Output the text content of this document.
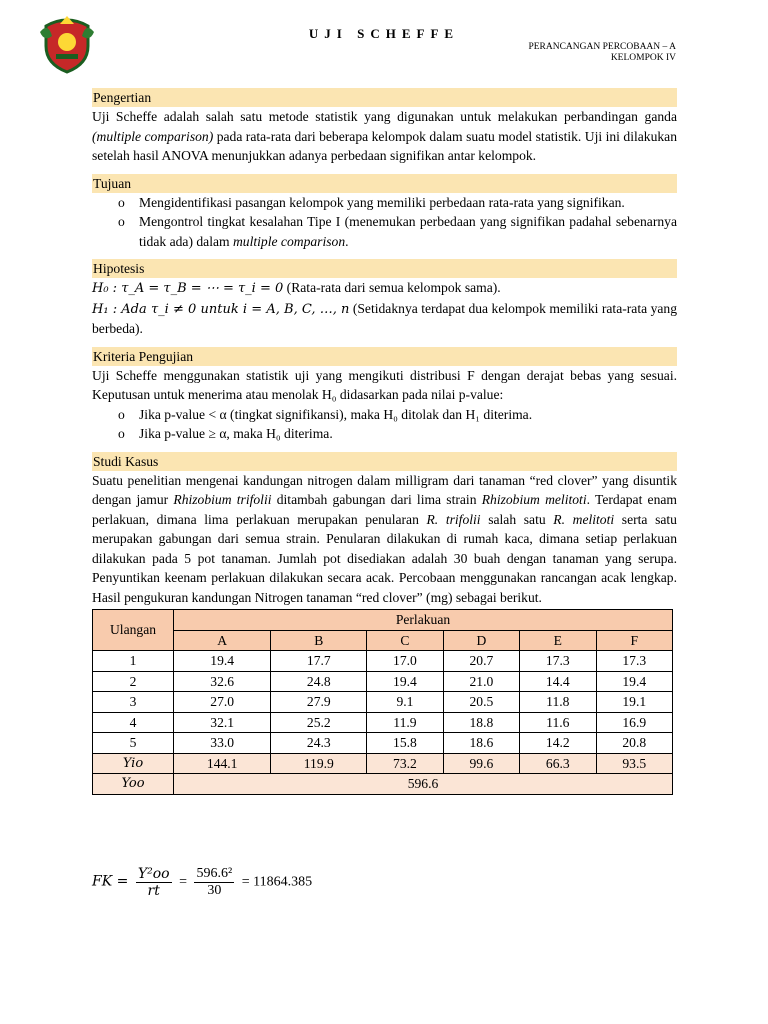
UJI SCHEFFE
PERANCANGAN PERCOBAAN – A
KELOMPOK IV
Pengertian

Uji Scheffe adalah salah satu metode statistik yang digunakan untuk melakukan perbandingan ganda (multiple comparison) pada rata-rata dari beberapa kelompok dalam suatu model statistik. Uji ini dilakukan setelah hasil ANOVA menunjukkan adanya perbedaan signifikan antar kelompok.

Tujuan
o Mengidentifikasi pasangan kelompok yang memiliki perbedaan rata-rata yang signifikan.
o Mengontrol tingkat kesalahan Tipe I (menemukan perbedaan yang signifikan padahal sebenarnya tidak ada) dalam multiple comparison.
Hipotesis

H₀ : τ_A = τ_B = ⋯ = τ_i = 0 (Rata-rata dari semua kelompok sama).

H₁ : Ada τ_i ≠ 0 untuk i = A, B, C, …, n (Setidaknya terdapat dua kelompok memiliki rata-rata yang berbeda).

Kriteria Pengujian

Uji Scheffe menggunakan statistik uji yang mengikuti distribusi F dengan derajat bebas yang sesuai. Keputusan untuk menerima atau menolak H₀ didasarkan pada nilai p-value:

o Jika p-value < α (tingkat signifikansi), maka H₀ ditolak dan H₁ diterima.
o Jika p-value ≥ α, maka H₀ diterima.
Studi Kasus

Suatu penelitian mengenai kandungan nitrogen dalam milligram dari tanaman “red clover” yang disuntik dengan jamur Rhizobium trifolii ditambah gabungan dari lima strain Rhizobium melitoti. Terdapat enam perlakuan, dimana lima perlakuan merupakan penularan R. trifolii salah satu R. melitoti serta satu merupakan gabungan dari semua strain. Penularan dilakukan di rumah kaca, dimana setiap perlakuan dilakukan pada 5 pot tanaman. Jumlah pot disediakan adalah 30 buah dengan tanaman yang serupa. Penyuntikan keenam perlakuan dilakukan secara acak. Percobaan menggunakan rancangan acak lengkap. Hasil pengukuran kandungan Nitrogen tanaman “red clover” (mg) sebagai berikut.

Ulangan	Perlakuan					
	A	B	C	D	E	F
1	19.4	17.7	17.0	20.7	17.3	17.3
2	32.6	24.8	19.4	21.0	14.4	19.4
3	27.0	27.9	9.1	20.5	11.8	19.1
4	32.1	25.2	11.9	18.8	11.6	16.9
5	33.0	24.3	15.8	18.6	14.2	20.8
Yio	144.1	119.9	73.2	99.6	66.3	93.5
Yoo	596.6					
FK = $\frac{\text{Y²oo}}{rt} = \frac{\text{596.6²}}{30} = 11864.385$
